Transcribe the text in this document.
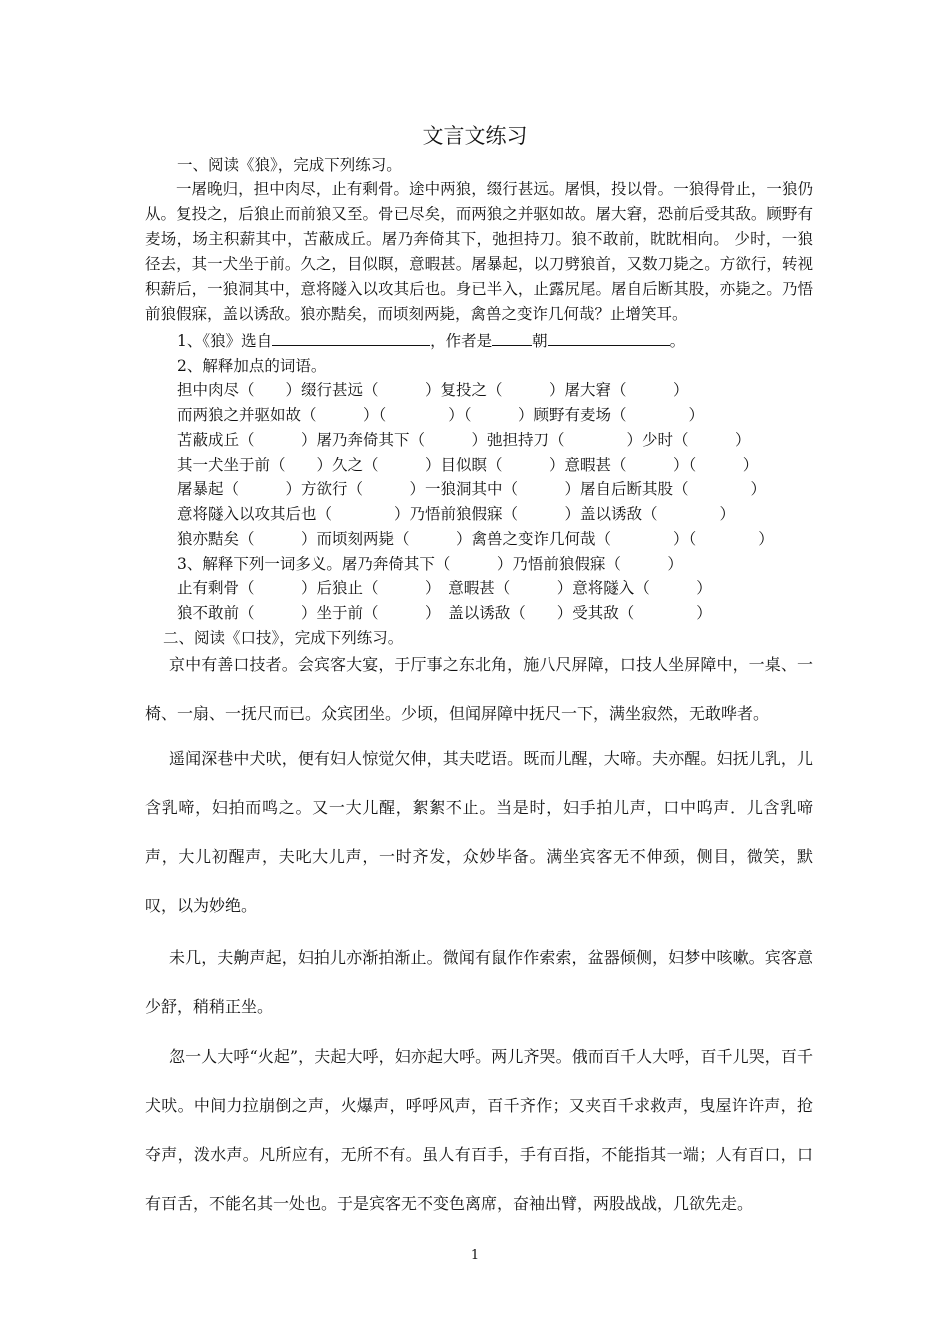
文言文练习
一、阅读《狼》，完成下列练习。
一屠晚归，担中肉尽，止有剩骨。途中两狼，缀行甚远。屠惧，投以骨。一狼得骨止，一狼仍从。复投之，后狼止而前狼又至。骨已尽矣，而两狼之并驱如故。屠大窘，恐前后受其敌。顾野有麦场，场主积薪其中，苫蔽成丘。屠乃奔倚其下，弛担持刀。狼不敢前，眈眈相向。 少时，一狼径去，其一犬坐于前。久之，目似瞑，意暇甚。屠暴起，以刀劈狼首，又数刀毙之。方欲行，转视积薪后，一狼洞其中，意将隧入以攻其后也。身已半入，止露尻尾。屠自后断其股，亦毙之。乃悟前狼假寐，盖以诱敌。狼亦黠矣，而顷刻两毙，禽兽之变诈几何哉？止增笑耳。
1、《狼》选自	，作者是	朝	。
2、解释加点的词语。
担中肉尽（　　）缀行甚远（　　　）复投之（　　　）屠大窘（　　　）
而两狼之并驱如故（　　　）（　　　　）（　　　）顾野有麦场（　　　　）
苫蔽成丘（　　　）屠乃奔倚其下（　　　）弛担持刀（　　　　）少时（　　　）
其一犬坐于前（　　）久之（　　　）目似瞑（　　　）意暇甚（　　　）（　　　）
屠暴起（　　　）方欲行（　　　）一狼洞其中（　　　）屠自后断其股（　　　　）
意将隧入以攻其后也（　　　　）乃悟前狼假寐（　　　）盖以诱敌（　　　　）
狼亦黠矣（　　　）而顷刻两毙（　　　）禽兽之变诈几何哉（　　　　）（　　　　）
3、解释下列一词多义。屠乃奔倚其下（　　　）乃悟前狼假寐（　　　）
止有剩骨（　　　）后狼止（　　　）　意暇甚（　　　）意将隧入（　　　）
狼不敢前（　　　）坐于前（　　　）　盖以诱敌（　　）受其敌（　　　　）
二、阅读《口技》，完成下列练习。
京中有善口技者。会宾客大宴，于厅事之东北角，施八尺屏障，口技人坐屏障中，一桌、一椅、一扇、一抚尺而已。众宾团坐。少顷，但闻屏障中抚尺一下，满坐寂然，无敢哗者。
遥闻深巷中犬吠，便有妇人惊觉欠伸，其夫呓语。既而儿醒，大啼。夫亦醒。妇抚儿乳，儿含乳啼，妇拍而鸣之。又一大儿醒，絮絮不止。当是时，妇手拍儿声，口中呜声．儿含乳啼声，大儿初醒声，夫叱大儿声，一时齐发，众妙毕备。满坐宾客无不伸颈，侧目，微笑，默叹，以为妙绝。
未几，夫齁声起，妇拍儿亦渐拍渐止。微闻有鼠作作索索，盆器倾侧，妇梦中咳嗽。宾客意少舒，稍稍正坐。
忽一人大呼“火起”，夫起大呼，妇亦起大呼。两儿齐哭。俄而百千人大呼，百千儿哭，百千犬吠。中间力拉崩倒之声，火爆声，呼呼风声，百千齐作；又夹百千求救声，曳屋许许声，抢夺声，泼水声。凡所应有，无所不有。虽人有百手，手有百指，不能指其一端；人有百口，口有百舌，不能名其一处也。于是宾客无不变色离席，奋袖出臂，两股战战，几欲先走。
1
